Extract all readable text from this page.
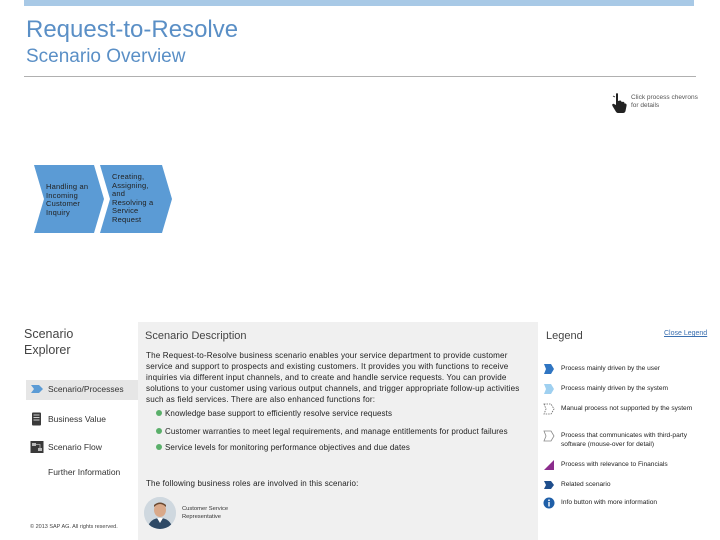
Request-to-Resolve
Scenario Overview
Click process chevrons for details
Handling an Incoming Customer Inquiry
Creating, Assigning, and Resolving a Service Request
Scenario Explorer
Scenario/Processes
Business Value
Scenario Flow
Further Information
© 2013 SAP AG. All rights reserved.
Scenario Description
The Request-to-Resolve business scenario enables your service department to provide customer service and support to prospects and existing customers. It provides you with functions to receive inquiries via different input channels, and to create and handle service requests. You can provide solutions to your customer using various output channels, and trigger appropriate follow-up activities such as field services. There are also enhanced functions for:
Knowledge base support to efficiently resolve service requests
Customer warranties to meet legal requirements, and manage entitlements for product failures
Service levels for monitoring performance objectives and due dates
The following business roles are involved in this scenario:
Customer Service Representative
Legend	Close Legend
Process mainly driven by the user
Process mainly driven by the system
Manual process not supported by the system
Process that communicates with third-party software (mouse-over for detail)
Process with relevance to Financials
Related scenario
Info button with more information
